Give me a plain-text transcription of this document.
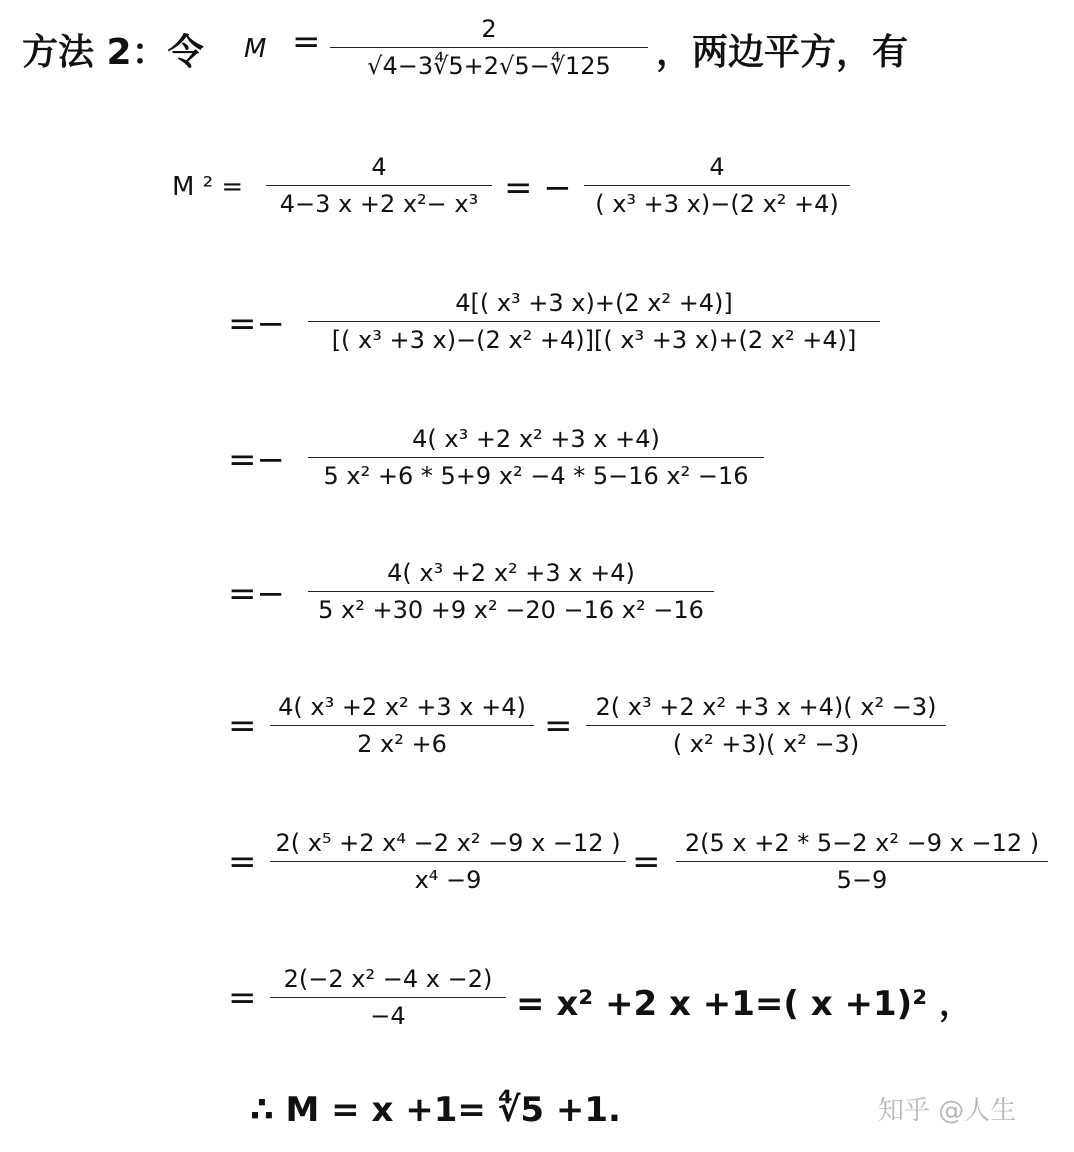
方法 2：令 M =	2
√4−3∜5+2√5−∜125 ，两边平方，有
M ² =
4
4−3 x +2 x²− x³ = −
4
( x³ +3 x)−(2 x² +4)
=−
4[( x³ +3 x)+(2 x² +4)]
[( x³ +3 x)−(2 x² +4)][( x³ +3 x)+(2 x² +4)]
=−
4( x³ +2 x² +3 x +4)
5 x² +6 * 5+9 x² −4 * 5−16 x² −16
=−
4( x³ +2 x² +3 x +4)
5 x² +30 +9 x² −20 −16 x² −16
= 4( x³ +2 x² +3 x +4)
2 x² +6	= 2( x³ +2 x² +3 x +4)( x² −3)
( x² +3)( x² −3)
= 2( x⁵ +2 x⁴ −2 x² −9 x −12 )
x⁴ −9	= 2(5 x +2 * 5−2 x² −9 x −12 )
5−9
= 2(−2 x² −4 x −2)
−4	= x² +2 x +1=( x +1)² ，
∴ M = x +1= ∜5 +1.	知乎 @人生
